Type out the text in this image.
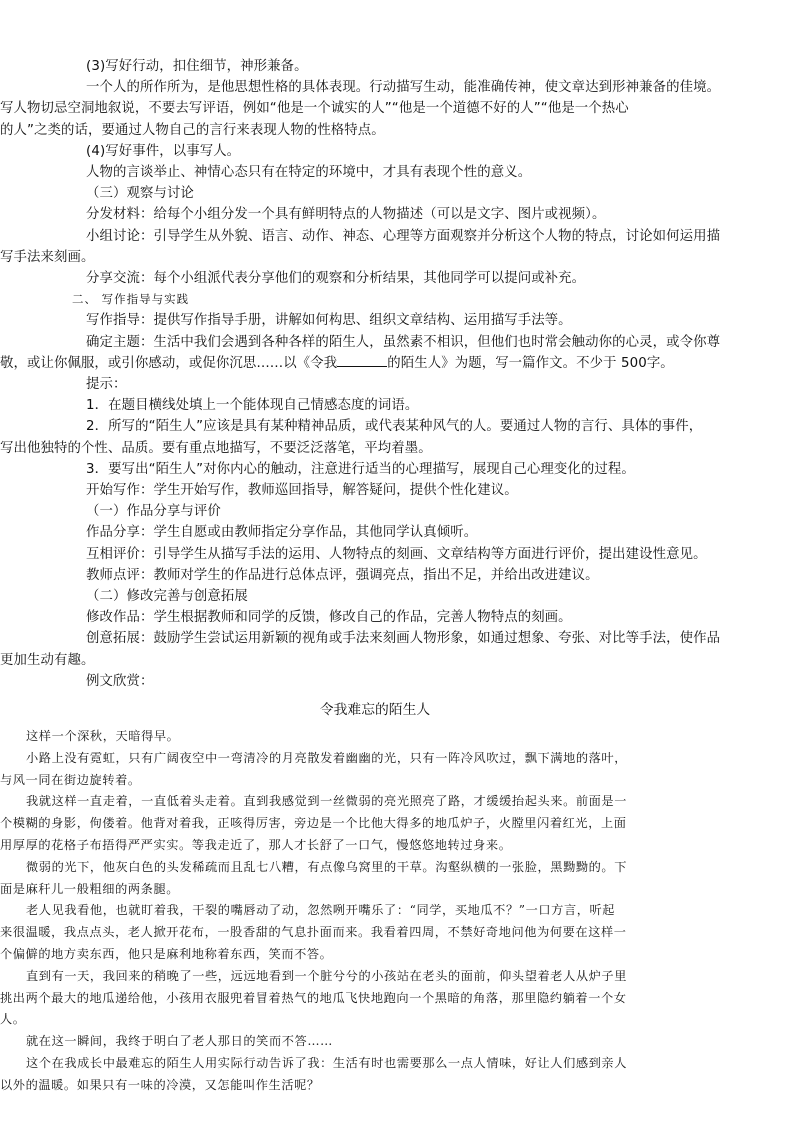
(3)写好行动，扣住细节，神形兼备。

一个人的所作所为，是他思想性格的具体表现。行动描写生动，能准确传神，使文章达到形神兼备的佳境。

写人物切忌空洞地叙说，不要去写评语，例如“他是一个诚实的人”“他是一个道德不好的人”“他是一个热心

的人”之类的话，要通过人物自己的言行来表现人物的性格特点。

(4)写好事件，以事写人。

人物的言谈举止、神情心态只有在特定的环境中，才具有表现个性的意义。

（三）观察与讨论

分发材料：给每个小组分发一个具有鲜明特点的人物描述（可以是文字、图片或视频）。

小组讨论：引导学生从外貌、语言、动作、神态、心理等方面观察并分析这个人物的特点，讨论如何运用描

写手法来刻画。

分享交流：每个小组派代表分享他们的观察和分析结果，其他同学可以提问或补充。

二、 写作指导与实践

写作指导：提供写作指导手册，讲解如何构思、组织文章结构、运用描写手法等。

确定主题：生活中我们会遇到各种各样的陌生人，虽然素不相识，但他们也时常会触动你的心灵，或令你尊

敬，或让你佩服，或引你感动，或促你沉思……以《令我	的陌生人》为题，写一篇作文。不少于 500字。

提示：

1．在题目横线处填上一个能体现自己情感态度的词语。

2．所写的“陌生人”应该是具有某种精神品质，或代表某种风气的人。要通过人物的言行、具体的事件，

写出他独特的个性、品质。要有重点地描写，不要泛泛落笔，平均着墨。

3．要写出“陌生人”对你内心的触动，注意进行适当的心理描写，展现自己心理变化的过程。

开始写作：学生开始写作，教师巡回指导，解答疑问，提供个性化建议。

（一）作品分享与评价

作品分享：学生自愿或由教师指定分享作品，其他同学认真倾听。

互相评价：引导学生从描写手法的运用、人物特点的刻画、文章结构等方面进行评价，提出建设性意见。

教师点评：教师对学生的作品进行总体点评，强调亮点，指出不足，并给出改进建议。

（二）修改完善与创意拓展

修改作品：学生根据教师和同学的反馈，修改自己的作品，完善人物特点的刻画。

创意拓展：鼓励学生尝试运用新颖的视角或手法来刻画人物形象，如通过想象、夸张、对比等手法，使作品

更加生动有趣。

例文欣赏：

令我难忘的陌生人

这样一个深秋，天暗得早。

小路上没有霓虹，只有广阔夜空中一弯清冷的月亮散发着幽幽的光，只有一阵冷风吹过，飘下满地的落叶，
与风一同在街边旋转着。

我就这样一直走着，一直低着头走着。直到我感觉到一丝微弱的亮光照亮了路，才缓缓抬起头来。前面是一
个模糊的身影，佝偻着。他背对着我，正咳得厉害，旁边是一个比他大得多的地瓜炉子，火膛里闪着红光，上面
用厚厚的花格子布捂得严严实实。等我走近了，那人才长舒了一口气，慢悠悠地转过身来。

微弱的光下，他灰白色的头发稀疏而且乱七八糟，有点像乌窝里的干草。沟壑纵横的一张脸，黑黝黝的。下
面是麻秆儿一般粗细的两条腿。

老人见我看他，也就盯着我，干裂的嘴唇动了动，忽然咧开嘴乐了：“同学，买地瓜不？”一口方言，听起
来很温暖，我点点头，老人掀开花布，一股香甜的气息扑面而来。我看着四周，不禁好奇地问他为何要在这样一
个偏僻的地方卖东西，他只是麻利地称着东西，笑而不答。

直到有一天，我回来的稍晚了一些，远远地看到一个脏兮兮的小孩站在老头的面前，仰头望着老人从炉子里
挑出两个最大的地瓜递给他，小孩用衣服兜着冒着热气的地瓜飞快地跑向一个黑暗的角落，那里隐约躺着一个女
人。

就在这一瞬间，我终于明白了老人那日的笑而不答……

这个在我成长中最难忘的陌生人用实际行动告诉了我：生活有时也需要那么一点人情味，好让人们感到亲人
以外的温暖。如果只有一味的冷漠，又怎能叫作生活呢？
